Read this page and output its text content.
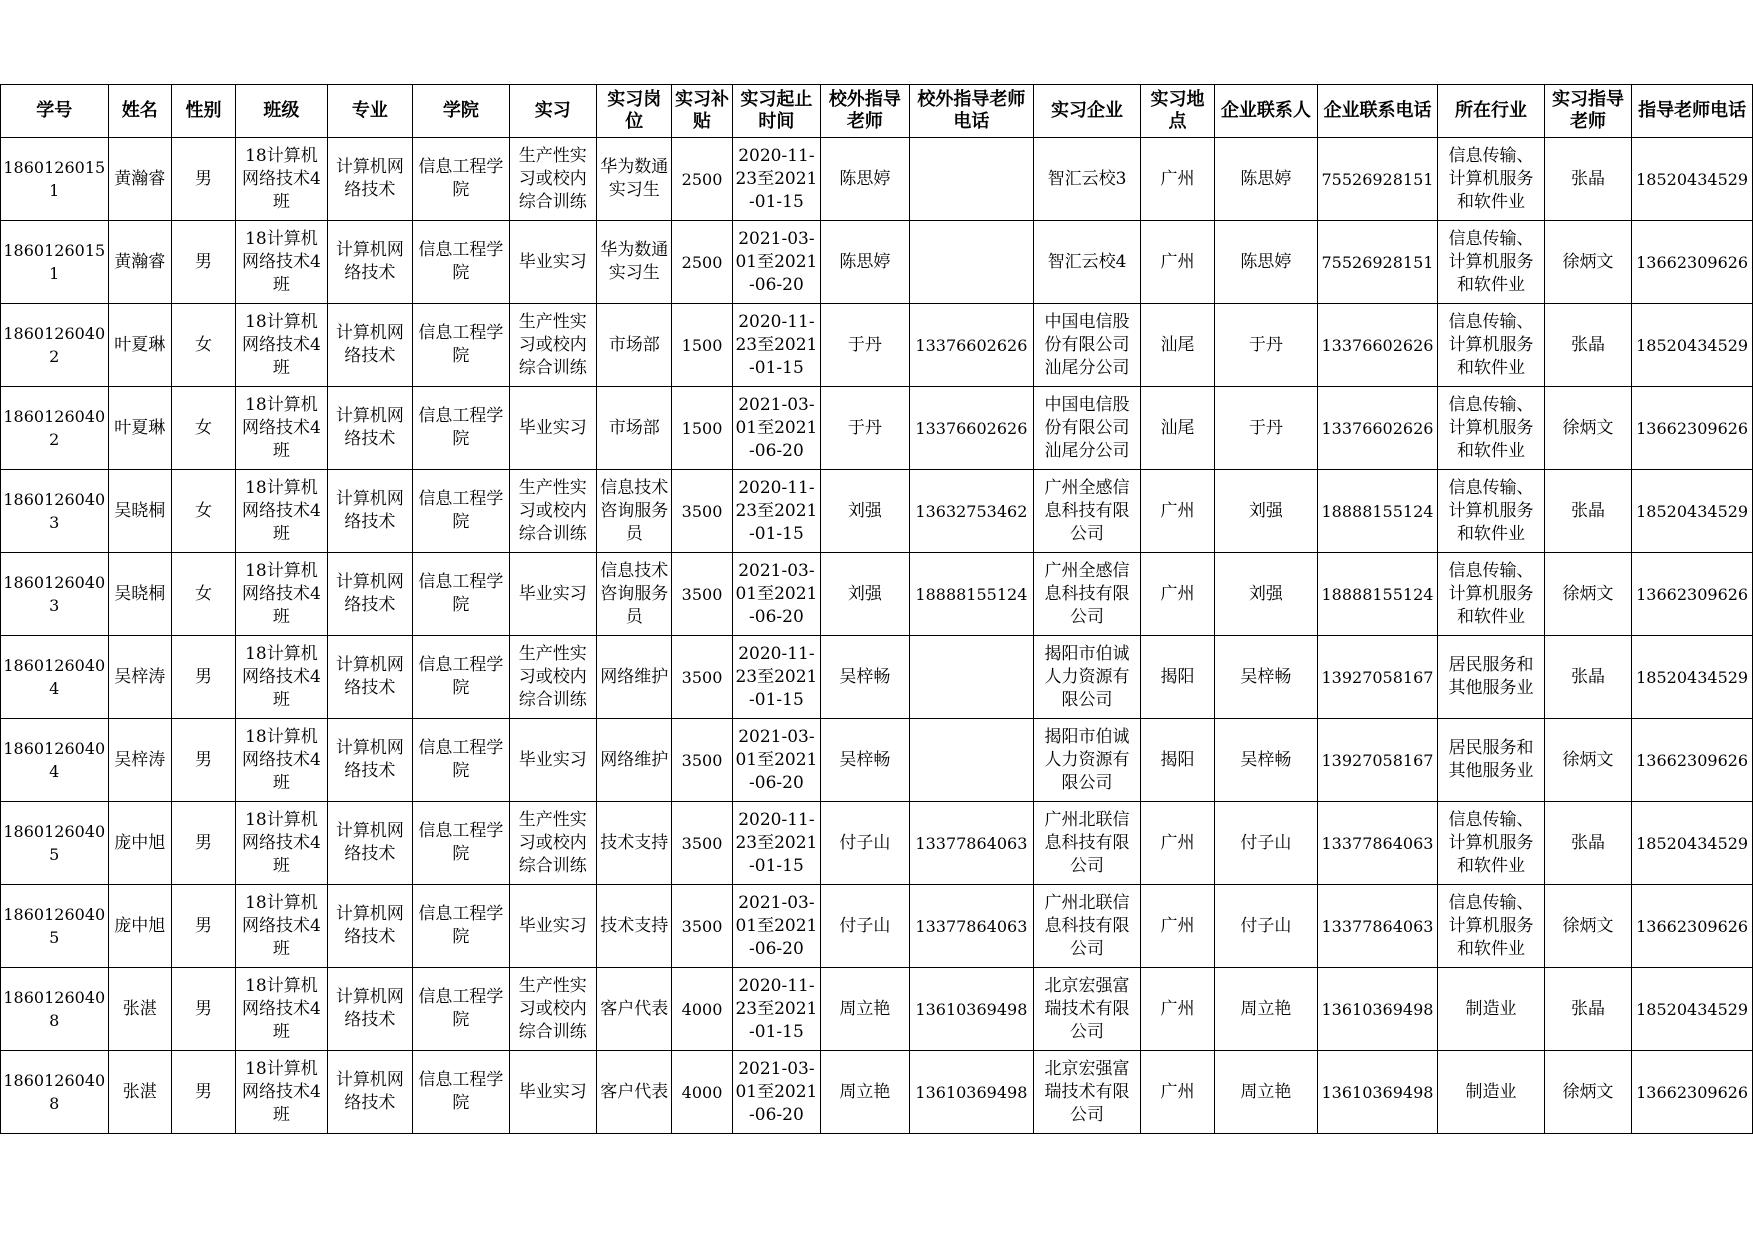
学号	姓名	性别	班级	专业	学院	实习	实习岗位	实习补贴	实习起止时间	校外指导老师	校外指导老师电话	实习企业	实习地点	企业联系人	企业联系电话	所在行业	实习指导老师	指导老师电话

18601260151	黄瀚睿	男	18计算机网络技术4班	计算机网络技术	信息工程学院	生产性实习或校内综合训练	华为数通实习生	2500	2020-11-23至2021-01-15	陈思婷		智汇云校3	广州	陈思婷	75526928151	信息传输、计算机服务和软件业	张晶	18520434529

18601260151	黄瀚睿	男	18计算机网络技术4班	计算机网络技术	信息工程学院	毕业实习	华为数通实习生	2500	2021-03-01至2021-06-20	陈思婷		智汇云校4	广州	陈思婷	75526928151	信息传输、计算机服务和软件业	徐炳文	13662309626

18601260402	叶夏琳	女	18计算机网络技术4班	计算机网络技术	信息工程学院	生产性实习或校内综合训练	市场部	1500	2020-11-23至2021-01-15	于丹	13376602626	中国电信股份有限公司汕尾分公司	汕尾	于丹	13376602626	信息传输、计算机服务和软件业	张晶	18520434529

18601260402	叶夏琳	女	18计算机网络技术4班	计算机网络技术	信息工程学院	毕业实习	市场部	1500	2021-03-01至2021-06-20	于丹	13376602626	中国电信股份有限公司汕尾分公司	汕尾	于丹	13376602626	信息传输、计算机服务和软件业	徐炳文	13662309626

18601260403	吴晓桐	女	18计算机网络技术4班	计算机网络技术	信息工程学院	生产性实习或校内综合训练	信息技术咨询服务员	3500	2020-11-23至2021-01-15	刘强	13632753462	广州全感信息科技有限公司	广州	刘强	18888155124	信息传输、计算机服务和软件业	张晶	18520434529

18601260403	吴晓桐	女	18计算机网络技术4班	计算机网络技术	信息工程学院	毕业实习	信息技术咨询服务员	3500	2021-03-01至2021-06-20	刘强	18888155124	广州全感信息科技有限公司	广州	刘强	18888155124	信息传输、计算机服务和软件业	徐炳文	13662309626

18601260404	吴梓涛	男	18计算机网络技术4班	计算机网络技术	信息工程学院	生产性实习或校内综合训练	网络维护	3500	2020-11-23至2021-01-15	吴梓畅		揭阳市伯诚人力资源有限公司	揭阳	吴梓畅	13927058167	居民服务和其他服务业	张晶	18520434529

18601260404	吴梓涛	男	18计算机网络技术4班	计算机网络技术	信息工程学院	毕业实习	网络维护	3500	2021-03-01至2021-06-20	吴梓畅		揭阳市伯诚人力资源有限公司	揭阳	吴梓畅	13927058167	居民服务和其他服务业	徐炳文	13662309626

18601260405	庞中旭	男	18计算机网络技术4班	计算机网络技术	信息工程学院	生产性实习或校内综合训练	技术支持	3500	2020-11-23至2021-01-15	付子山	13377864063	广州北联信息科技有限公司	广州	付子山	13377864063	信息传输、计算机服务和软件业	张晶	18520434529

18601260405	庞中旭	男	18计算机网络技术4班	计算机网络技术	信息工程学院	毕业实习	技术支持	3500	2021-03-01至2021-06-20	付子山	13377864063	广州北联信息科技有限公司	广州	付子山	13377864063	信息传输、计算机服务和软件业	徐炳文	13662309626

18601260408	张湛	男	18计算机网络技术4班	计算机网络技术	信息工程学院	生产性实习或校内综合训练	客户代表	4000	2020-11-23至2021-01-15	周立艳	13610369498	北京宏强富瑞技术有限公司	广州	周立艳	13610369498	制造业	张晶	18520434529

18601260408	张湛	男	18计算机网络技术4班	计算机网络技术	信息工程学院	毕业实习	客户代表	4000	2021-03-01至2021-06-20	周立艳	13610369498	北京宏强富瑞技术有限公司	广州	周立艳	13610369498	制造业	徐炳文	13662309626
